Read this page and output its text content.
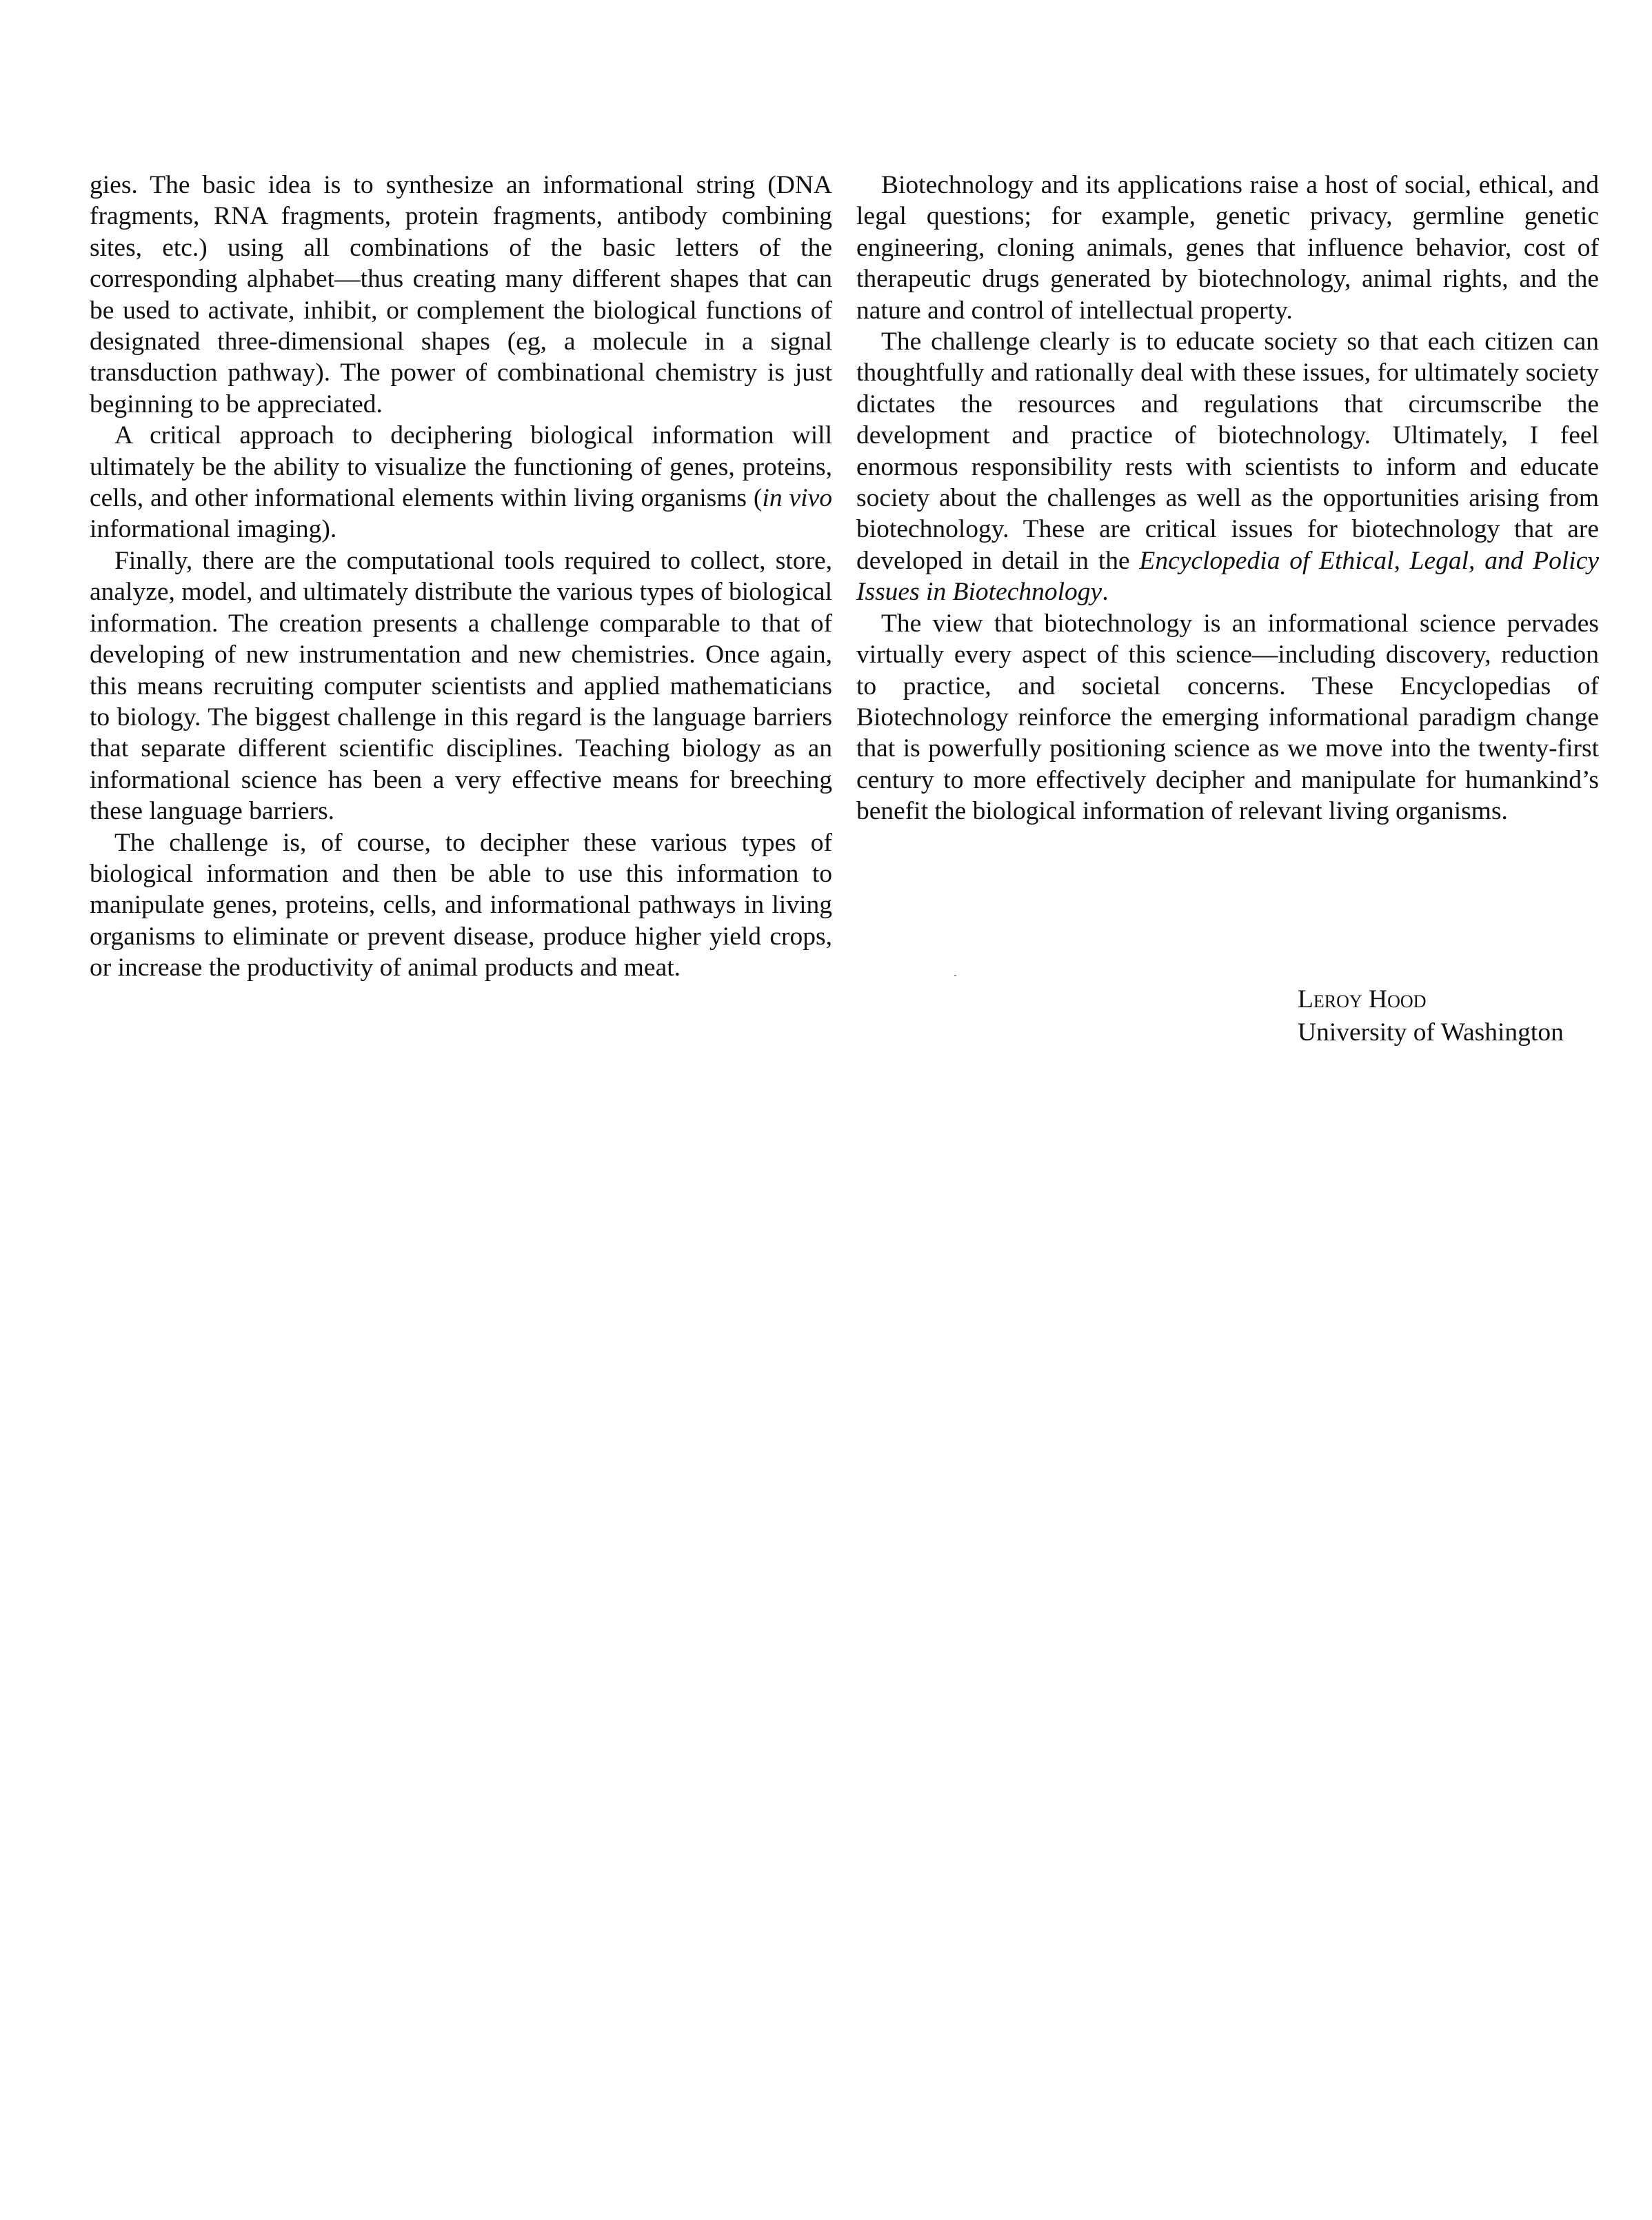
gies. The basic idea is to synthesize an informational string (DNA fragments, RNA fragments, protein fragments, antibody combining sites, etc.) using all combinations of the basic letters of the corresponding alphabet—thus creating many different shapes that can be used to activate, inhibit, or complement the biological functions of designated three-dimensional shapes (eg, a molecule in a signal transduction pathway). The power of combinational chemistry is just beginning to be appreciated.

A critical approach to deciphering biological information will ultimately be the ability to visualize the functioning of genes, proteins, cells, and other informational elements within living organisms (in vivo informational imaging).

Finally, there are the computational tools required to collect, store, analyze, model, and ultimately distribute the various types of biological information. The creation presents a challenge comparable to that of developing of new instrumentation and new chemistries. Once again, this means recruiting computer scientists and applied mathematicians to biology. The biggest challenge in this regard is the language barriers that separate different scientific disciplines. Teaching biology as an informational science has been a very effective means for breeching these language barriers.

The challenge is, of course, to decipher these various types of biological information and then be able to use this information to manipulate genes, proteins, cells, and informational pathways in living organisms to eliminate or prevent disease, produce higher yield crops, or increase the productivity of animal products and meat.

Biotechnology and its applications raise a host of social, ethical, and legal questions; for example, genetic privacy, germline genetic engineering, cloning animals, genes that influence behavior, cost of therapeutic drugs generated by biotechnology, animal rights, and the nature and control of intellectual property.

The challenge clearly is to educate society so that each citizen can thoughtfully and rationally deal with these issues, for ultimately society dictates the resources and regulations that circumscribe the development and practice of biotechnology. Ultimately, I feel enormous responsibility rests with scientists to inform and educate society about the challenges as well as the opportunities arising from biotechnology. These are critical issues for biotechnology that are developed in detail in the Encyclopedia of Ethical, Legal, and Policy Issues in Biotechnology.

The view that biotechnology is an informational science pervades virtually every aspect of this science—including discovery, reduction to practice, and societal concerns. These Encyclopedias of Biotechnology reinforce the emerging informational paradigm change that is powerfully positioning science as we move into the twenty-first century to more effectively decipher and manipulate for humankind’s benefit the biological information of relevant living organisms.

Leroy Hood
University of Washington
